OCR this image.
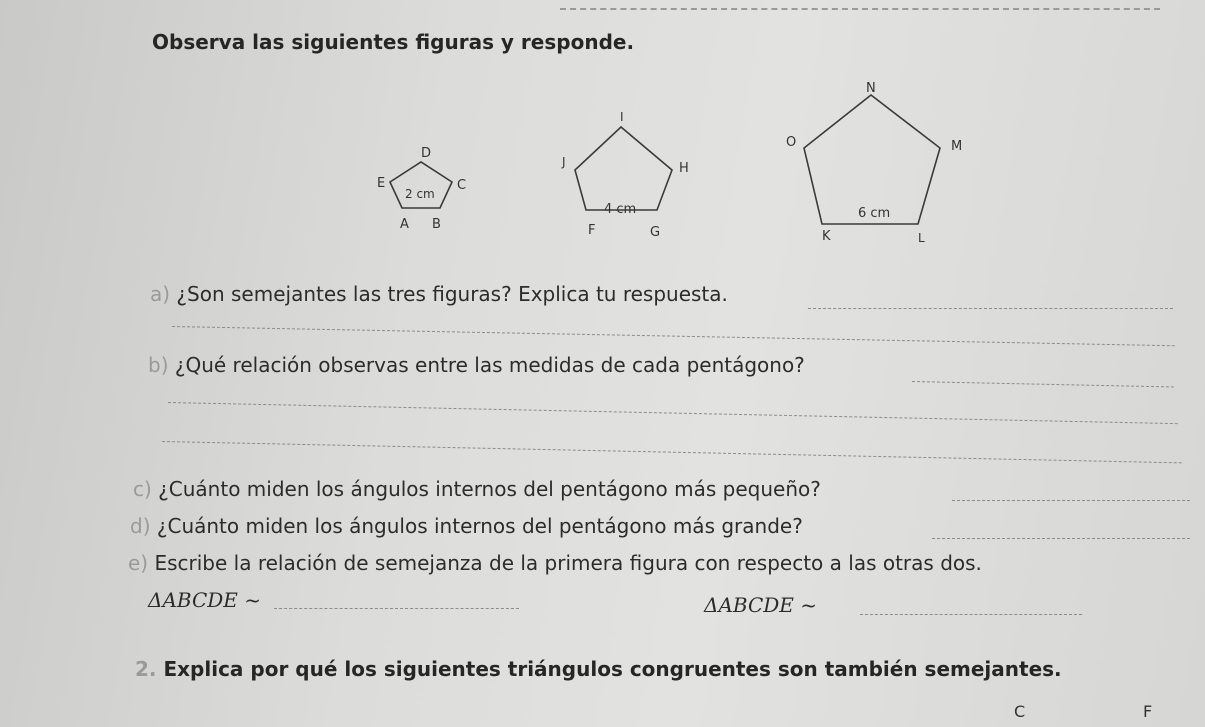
Observa las siguientes figuras y responde.
A B
C
D
E
2 cm
F	G
H
I
J
4 cm
K	L
M
N
O
6 cm
a) ¿Son semejantes las tres figuras? Explica tu respuesta.
b) ¿Qué relación observas entre las medidas de cada pentágono?
c) ¿Cuánto miden los ángulos internos del pentágono más pequeño?
d) ¿Cuánto miden los ángulos internos del pentágono más grande?
e) Escribe la relación de semejanza de la primera figura con respecto a las otras dos.
ΔABCDE ~	ΔABCDE ~
2. Explica por qué los siguientes triángulos congruentes son también semejantes.
C	F
